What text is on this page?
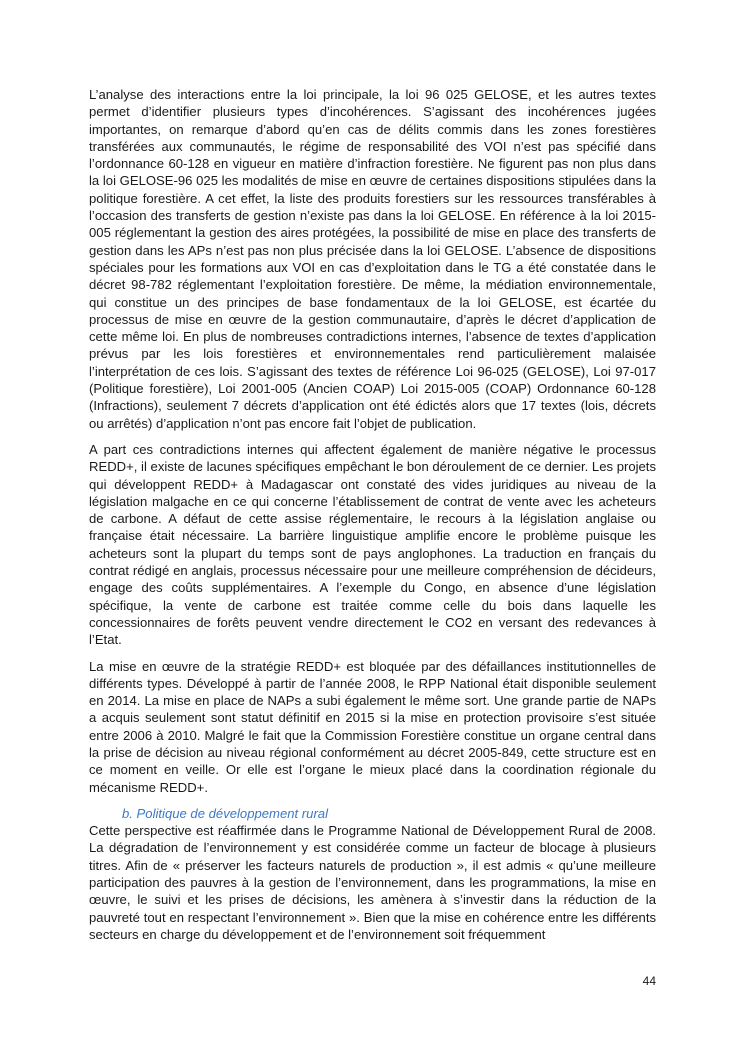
L’analyse des interactions entre la loi principale, la loi 96 025 GELOSE, et les autres textes permet d’identifier plusieurs types d’incohérences. S’agissant des incohérences jugées importantes, on remarque d’abord qu’en cas de délits commis dans les zones forestières transférées aux communautés, le régime de responsabilité des VOI n’est pas spécifié dans l’ordonnance 60-128 en vigueur en matière d’infraction forestière. Ne figurent pas non plus dans la loi GELOSE-96 025 les modalités de mise en œuvre de certaines dispositions stipulées dans la politique forestière. A cet effet, la liste des produits forestiers sur les ressources transférables à l’occasion des transferts de gestion n’existe pas dans la loi GELOSE. En référence à la loi 2015-005 réglementant la gestion des aires protégées, la possibilité de mise en place des transferts de gestion dans les APs n’est pas non plus précisée dans la loi GELOSE. L’absence de dispositions spéciales pour les formations aux VOI en cas d’exploitation dans le TG a été constatée dans le décret 98-782 réglementant l’exploitation forestière. De même, la médiation environnementale, qui constitue un des principes de base fondamentaux de la loi GELOSE, est écartée du processus de mise en œuvre de la gestion communautaire, d’après le décret d’application de cette même loi. En plus de nombreuses contradictions internes, l’absence de textes d’application prévus par les lois forestières et environnementales rend particulièrement malaisée l’interprétation de ces lois. S’agissant des textes de référence Loi 96-025 (GELOSE), Loi 97-017 (Politique forestière), Loi 2001-005 (Ancien COAP) Loi 2015-005 (COAP) Ordonnance 60-128 (Infractions), seulement 7 décrets d’application ont été édictés alors que 17 textes (lois, décrets ou arrêtés) d’application n’ont pas encore fait l’objet de publication.

A part ces contradictions internes qui affectent également de manière négative le processus REDD+, il existe de lacunes spécifiques empêchant le bon déroulement de ce dernier. Les projets qui développent REDD+ à Madagascar ont constaté des vides juridiques au niveau de la législation malgache en ce qui concerne l’établissement de contrat de vente avec les acheteurs de carbone. A défaut de cette assise réglementaire, le recours à la législation anglaise ou française était nécessaire. La barrière linguistique amplifie encore le problème puisque les acheteurs sont la plupart du temps sont de pays anglophones. La traduction en français du contrat rédigé en anglais, processus nécessaire pour une meilleure compréhension de décideurs, engage des coûts supplémentaires. A l’exemple du Congo, en absence d’une législation spécifique, la vente de carbone est traitée comme celle du bois dans laquelle les concessionnaires de forêts peuvent vendre directement le CO2 en versant des redevances à l’Etat.

La mise en œuvre de la stratégie REDD+ est bloquée par des défaillances institutionnelles de différents types. Développé à partir de l’année 2008, le RPP National était disponible seulement en 2014. La mise en place de NAPs a subi également le même sort. Une grande partie de NAPs a acquis seulement sont statut définitif en 2015 si la mise en protection provisoire s’est située entre 2006 à 2010. Malgré le fait que la Commission Forestière constitue un organe central dans la prise de décision au niveau régional conformément au décret 2005-849, cette structure est en ce moment en veille. Or elle est l’organe le mieux placé dans la coordination régionale du mécanisme REDD+.

b. Politique de développement rural

Cette perspective est réaffirmée dans le Programme National de Développement Rural de 2008. La dégradation de l’environnement y est considérée comme un facteur de blocage à plusieurs titres. Afin de « préserver les facteurs naturels de production », il est admis « qu’une meilleure participation des pauvres à la gestion de l’environnement, dans les programmations, la mise en œuvre, le suivi et les prises de décisions, les amènera à s’investir dans la réduction de la pauvreté tout en respectant l’environnement ». Bien que la mise en cohérence entre les différents secteurs en charge du développement et de l’environnement soit fréquemment

44
